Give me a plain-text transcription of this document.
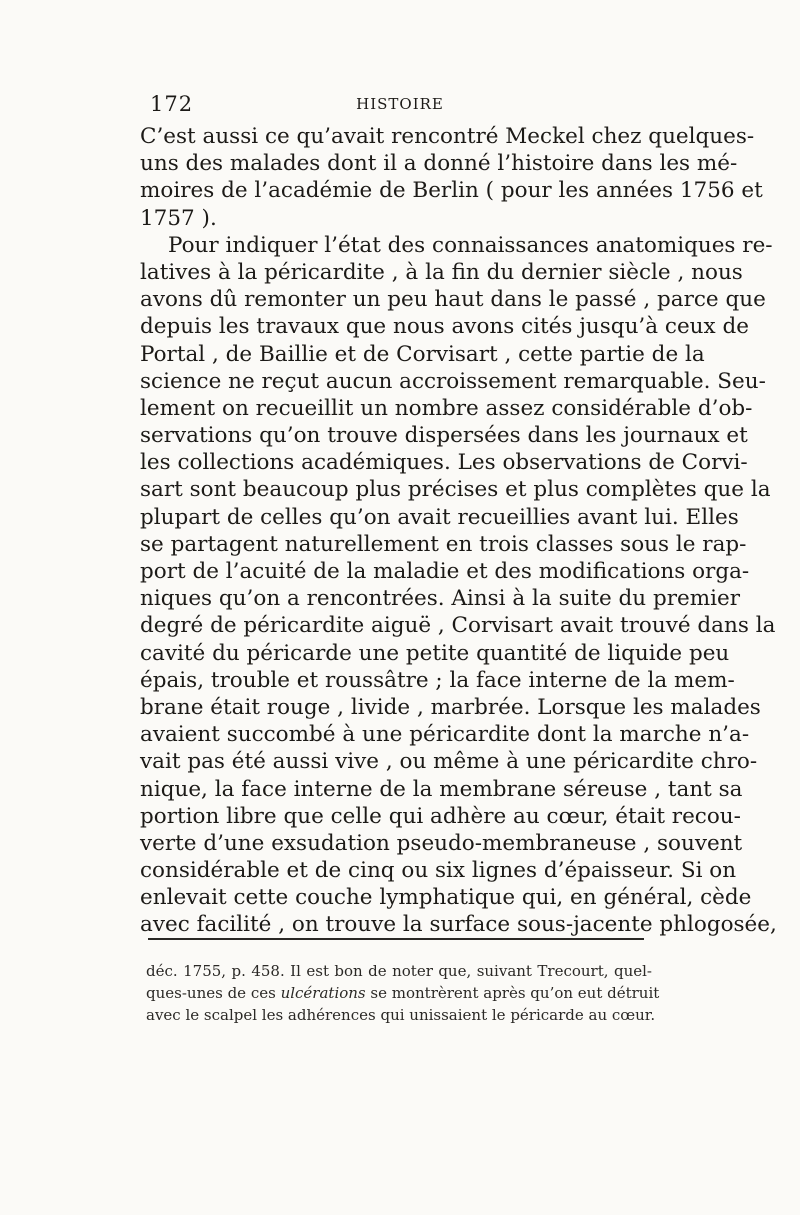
172	HISTOIRE
C’est aussi ce qu’avait rencontré Meckel chez quelques-
uns des malades dont il a donné l’histoire dans les mé-
moires de l’académie de Berlin ( pour les années 1756 et
1757 ).
Pour indiquer l’état des connaissances anatomiques re-
latives à la péricardite , à la fin du dernier siècle , nous
avons dû remonter un peu haut dans le passé , parce que
depuis les travaux que nous avons cités jusqu’à ceux de
Portal , de Baillie et de Corvisart , cette partie de la
science ne reçut aucun accroissement remarquable. Seu-
lement on recueillit un nombre assez considérable d’ob-
servations qu’on trouve dispersées dans les journaux et
les collections académiques. Les observations de Corvi-
sart sont beaucoup plus précises et plus complètes que la
plupart de celles qu’on avait recueillies avant lui. Elles
se partagent naturellement en trois classes sous le rap-
port de l’acuité de la maladie et des modifications orga-
niques qu’on a rencontrées. Ainsi à la suite du premier
degré de péricardite aiguë , Corvisart avait trouvé dans la
cavité du péricarde une petite quantité de liquide peu
épais, trouble et roussâtre ; la face interne de la mem-
brane était rouge , livide , marbrée. Lorsque les malades
avaient succombé à une péricardite dont la marche n’a-
vait pas été aussi vive , ou même à une péricardite chro-
nique, la face interne de la membrane séreuse , tant sa
portion libre que celle qui adhère au cœur, était recou-
verte d’une exsudation pseudo-membraneuse , souvent
considérable et de cinq ou six lignes d’épaisseur. Si on
enlevait cette couche lymphatique qui, en général, cède
avec facilité , on trouve la surface sous-jacente phlogosée,
déc. 1755, p. 458. Il est bon de noter que, suivant Trecourt, quel-
ques-unes de ces ulcérations se montrèrent après qu’on eut détruit
avec le scalpel les adhérences qui unissaient le péricarde au cœur.
